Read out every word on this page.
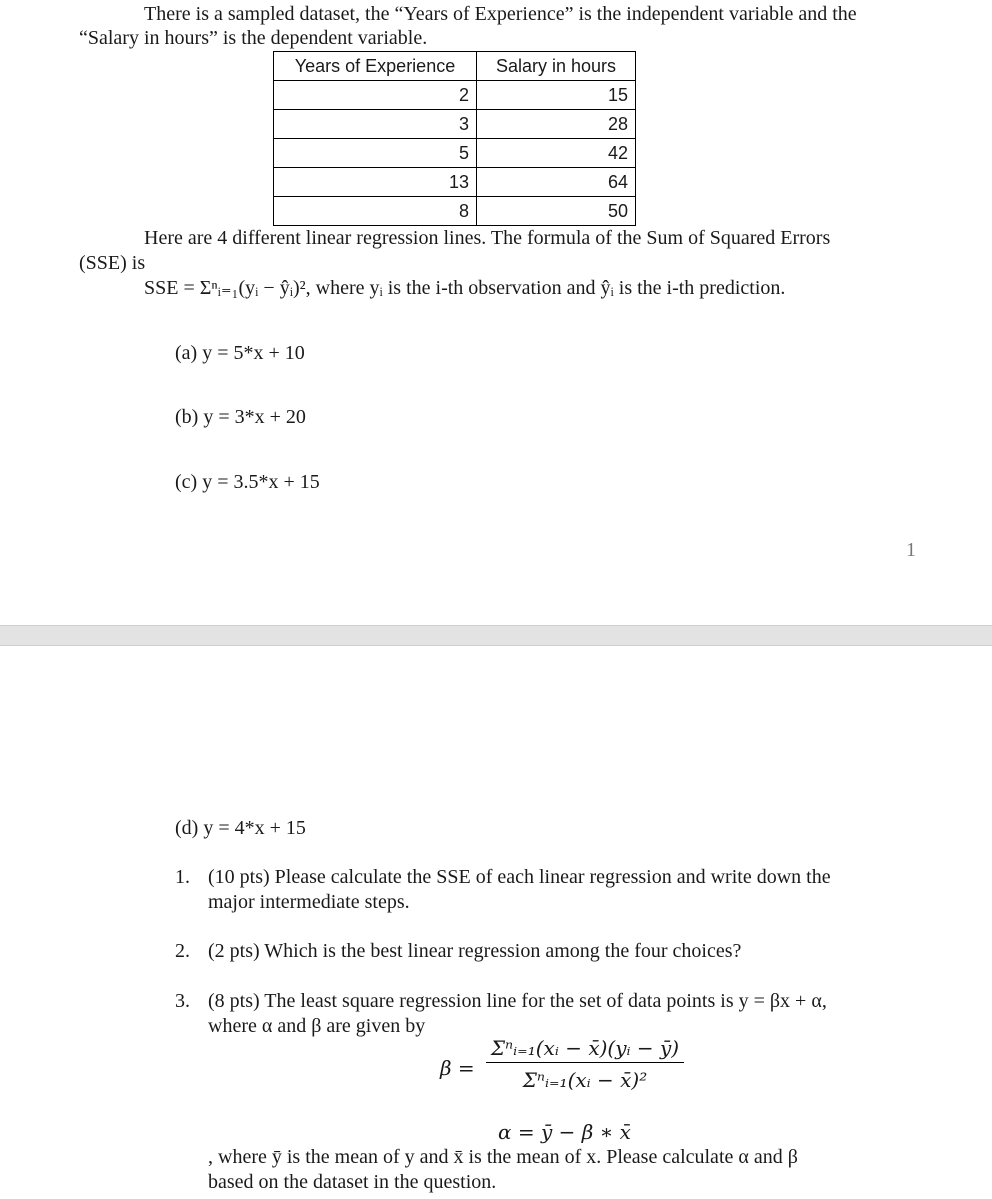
There is a sampled dataset, the “Years of Experience” is the independent variable and the
“Salary in hours” is the dependent variable.
Years of Experience	Salary in hours
2	15
3	28
5	42
13	64
8	50
Here are 4 different linear regression lines. The formula of the Sum of Squared Errors
(SSE) is
SSE = Σⁿᵢ₌₁(yᵢ − ŷᵢ)², where yᵢ is the i-th observation and ŷᵢ is the i-th prediction.
(a) y = 5*x + 10
(b) y = 3*x + 20
(c) y = 3.5*x + 15
1
(d) y = 4*x + 15
1. (10 pts) Please calculate the SSE of each linear regression and write down the
major intermediate steps.
2. (2 pts) Which is the best linear regression among the four choices?
3. (8 pts) The least square regression line for the set of data points is y = βx + α,
where α and β are given by
β =
Σⁿᵢ₌₁(xᵢ − x̄)(yᵢ − ȳ)
Σⁿᵢ₌₁(xᵢ − x̄)²
α = ȳ − β ∗ x̄
, where ȳ is the mean of y and x̄ is the mean of x. Please calculate α and β
based on the dataset in the question.
